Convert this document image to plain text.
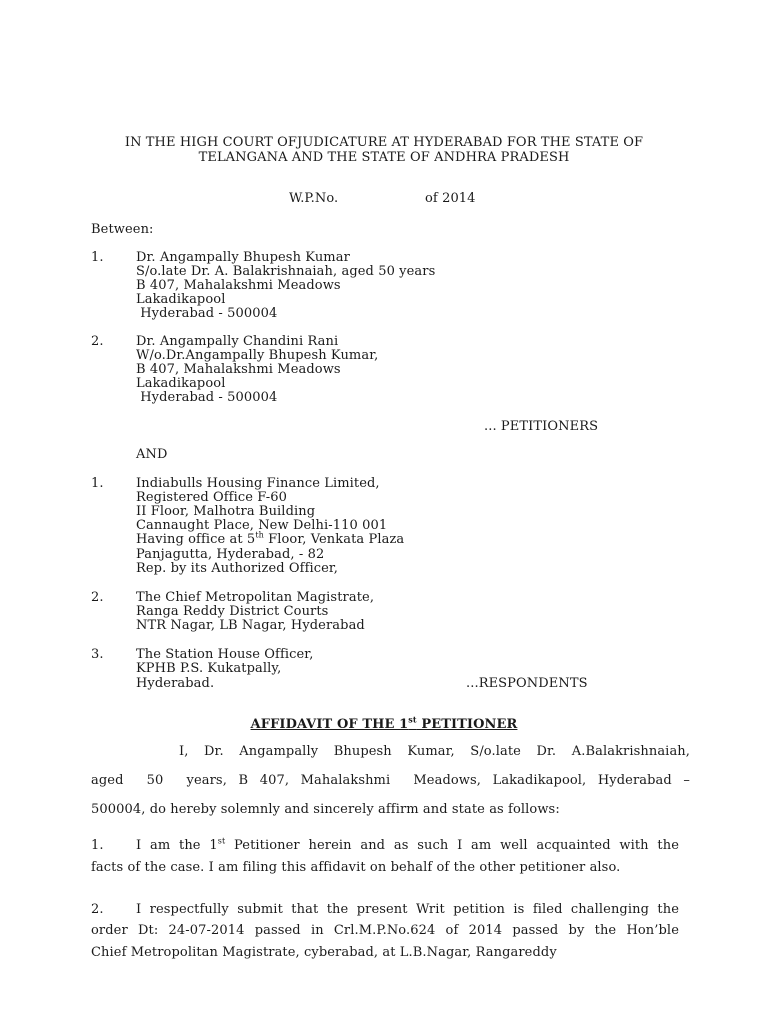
IN THE HIGH COURT OFJUDICATURE AT HYDERABAD FOR THE STATE OF
TELANGANA AND THE STATE OF ANDHRA PRADESH
W.P.No.	of 2014
Between:
1. Dr. Angampally Bhupesh Kumar
S/o.late Dr. A. Balakrishnaiah, aged 50 years
B 407, Mahalakshmi Meadows
Lakadikapool
Hyderabad - 500004
2. Dr. Angampally Chandini Rani
W/o.Dr.Angampally Bhupesh Kumar,
B 407, Mahalakshmi Meadows
Lakadikapool
Hyderabad - 500004
... PETITIONERS
AND
1. Indiabulls Housing Finance Limited,
Registered Office F-60
II Floor, Malhotra Building
Cannaught Place, New Delhi-110 001
Having office at 5th Floor, Venkata Plaza
Panjagutta, Hyderabad, - 82
Rep. by its Authorized Officer,
2. The Chief Metropolitan Magistrate,
Ranga Reddy District Courts
NTR Nagar, LB Nagar, Hyderabad
3. The Station House Officer,
KPHB P.S. Kukatpally,
Hyderabad.	...RESPONDENTS
AFFIDAVIT OF THE 1st PETITIONER
I, Dr. Angampally Bhupesh Kumar, S/o.late Dr. A.Balakrishnaiah,
aged  50  years, B 407, Mahalakshmi  Meadows, Lakadikapool, Hyderabad –
500004, do hereby solemnly and sincerely affirm and state as follows:
1. I am the 1st Petitioner herein and as such I am well acquainted with the
facts of the case. I am filing this affidavit on behalf of the other petitioner also.
2. I respectfully submit that the present Writ petition is filed challenging the
order Dt: 24-07-2014 passed in Crl.M.P.No.624 of 2014 passed by the Hon’ble
Chief Metropolitan Magistrate, cyberabad, at L.B.Nagar, Rangareddy
